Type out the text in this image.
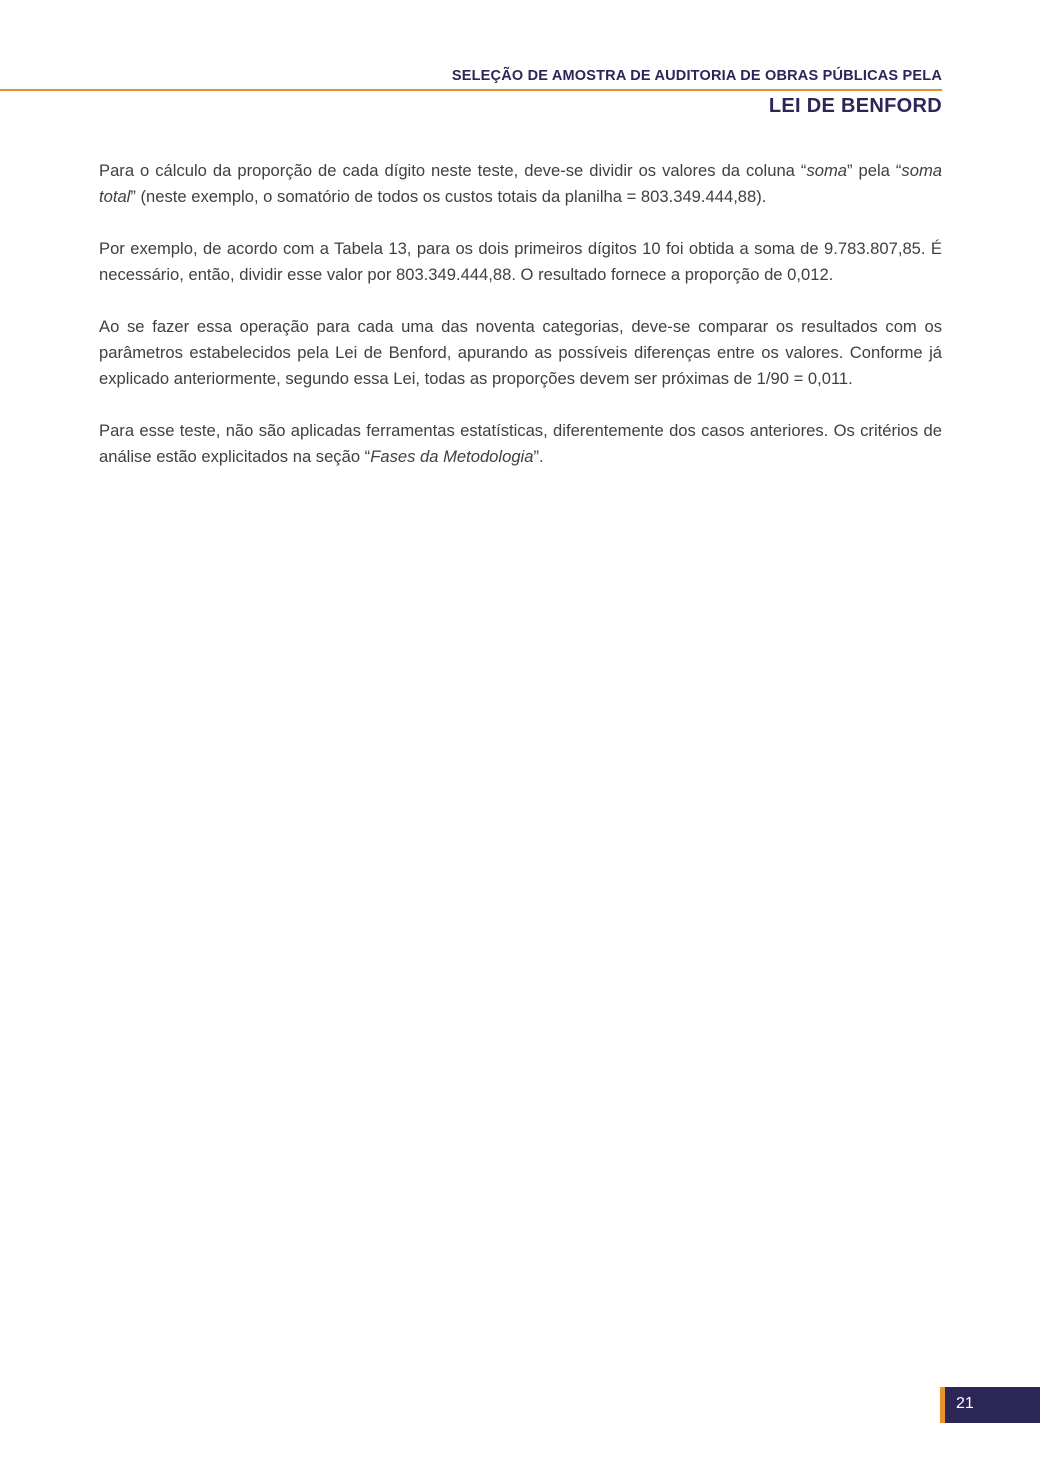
SELEÇÃO DE AMOSTRA DE AUDITORIA DE OBRAS PÚBLICAS PELA
LEI DE BENFORD

Para o cálculo da proporção de cada dígito neste teste, deve-se dividir os valores da coluna “soma” pela “soma total” (neste exemplo, o somatório de todos os custos totais da planilha = 803.349.444,88).

Por exemplo, de acordo com a Tabela 13, para os dois primeiros dígitos 10 foi obtida a soma de 9.783.807,85. É necessário, então, dividir esse valor por 803.349.444,88. O resultado fornece a proporção de 0,012.

Ao se fazer essa operação para cada uma das noventa categorias, deve-se comparar os resultados com os parâmetros estabelecidos pela Lei de Benford, apurando as possíveis diferenças entre os valores. Conforme já explicado anteriormente, segundo essa Lei, todas as proporções devem ser próximas de 1/90 = 0,011.

Para esse teste, não são aplicadas ferramentas estatísticas, diferentemente dos casos anteriores. Os critérios de análise estão explicitados na seção “Fases da Metodologia”.

21
